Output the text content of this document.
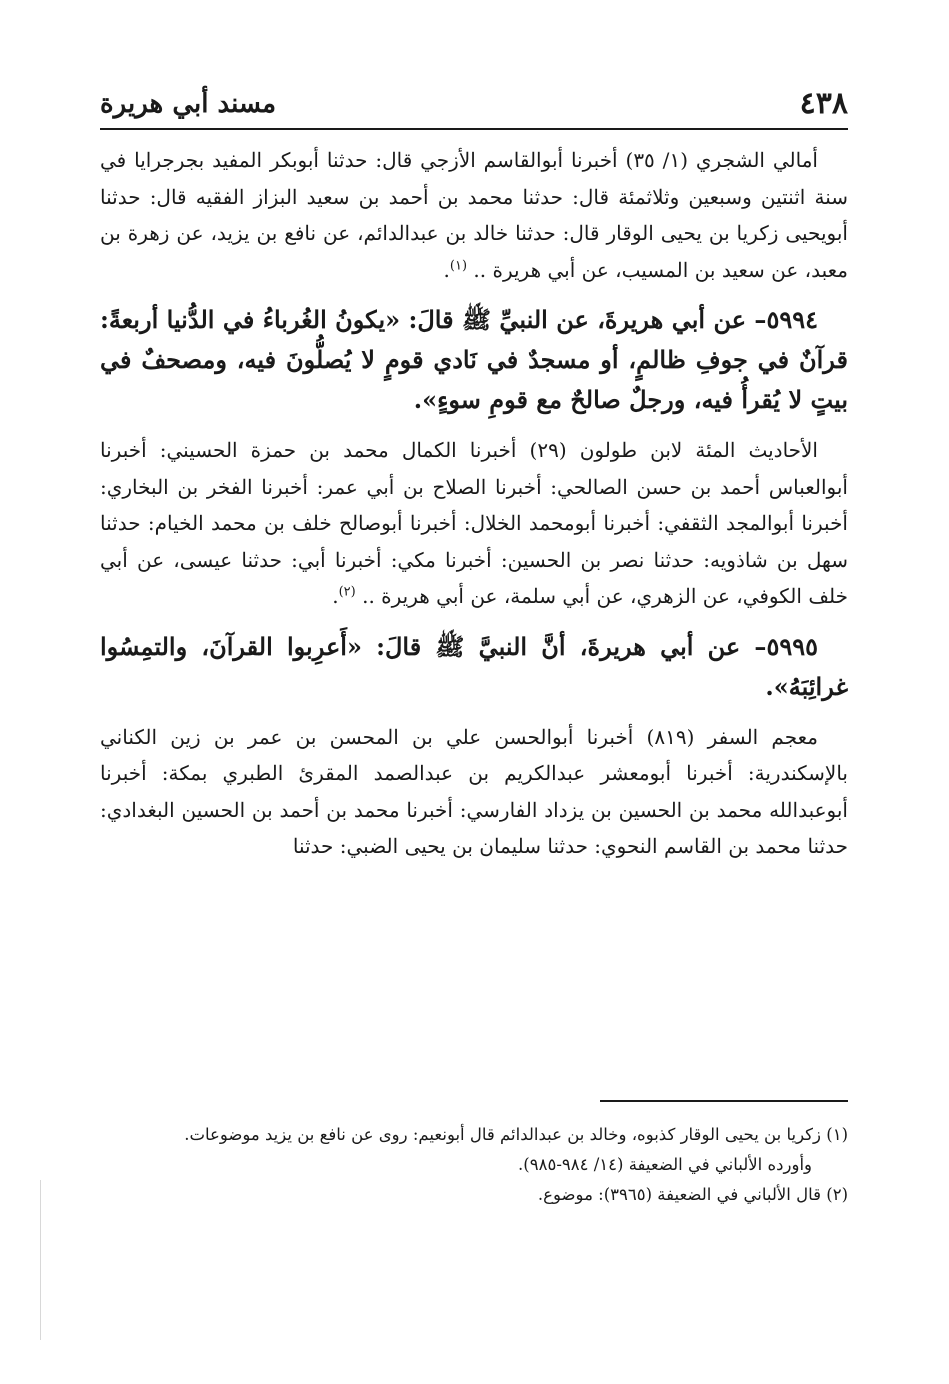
٤٣٨
مسند أبي هريرة

أمالي الشجري (١/ ٣٥) أخبرنا أبوالقاسم الأزجي قال: حدثنا أبوبكر المفيد بجرجرايا في سنة اثنتين وسبعين وثلاثمئة قال: حدثنا محمد بن أحمد بن سعيد البزاز الفقيه قال: حدثنا أبويحيى زكريا بن يحيى الوقار قال: حدثنا خالد بن عبدالدائم، عن نافع بن يزيد، عن زهرة بن معبد، عن سعيد بن المسيب، عن أبي هريرة .. $^{(١)}$.

٥٩٩٤– عن أبي هريرةَ، عن النبيِّ ﷺ قالَ: «يكونُ الغُرباءُ في الدُّنيا أربعةً: قرآنٌ في جوفِ ظالمٍ، أو مسجدٌ في نَادي قومٍ لا يُصلُّونَ فيه، ومصحفٌ في بيتٍ لا يُقرأُ فيه، ورجلٌ صالحٌ مع قومِ سوءٍ».

الأحاديث المئة لابن طولون (٢٩) أخبرنا الكمال محمد بن حمزة الحسيني: أخبرنا أبوالعباس أحمد بن حسن الصالحي: أخبرنا الصلاح بن أبي عمر: أخبرنا الفخر بن البخاري: أخبرنا أبوالمجد الثقفي: أخبرنا أبومحمد الخلال: أخبرنا أبوصالح خلف بن محمد الخيام: حدثنا سهل بن شاذويه: حدثنا نصر بن الحسين: أخبرنا مكي: أخبرنا أبي: حدثنا عيسى، عن أبي خلف الكوفي، عن الزهري، عن أبي سلمة، عن أبي هريرة .. $^{(٢)}$.

٥٩٩٥– عن أبي هريرةَ، أنَّ النبيَّ ﷺ قالَ: «أَعرِبوا القرآنَ، والتمِسُوا غرائِبَهُ».

معجم السفر (٨١٩) أخبرنا أبوالحسن علي بن المحسن بن عمر بن زين الكناني بالإسكندرية: أخبرنا أبومعشر عبدالكريم بن عبدالصمد المقرئ الطبري بمكة: أخبرنا أبوعبدالله محمد بن الحسين بن يزداد الفارسي: أخبرنا محمد بن أحمد بن الحسين البغدادي: حدثنا محمد بن القاسم النحوي: حدثنا سليمان بن يحيى الضبي: حدثنا

(١) زكريا بن يحيى الوقار كذبوه، وخالد بن عبدالدائم قال أبونعيم: روى عن نافع بن يزيد موضوعات.

وأورده الألباني في الضعيفة (١٤/ ٩٨٤-٩٨٥).

(٢) قال الألباني في الضعيفة (٣٩٦٥): موضوع.
